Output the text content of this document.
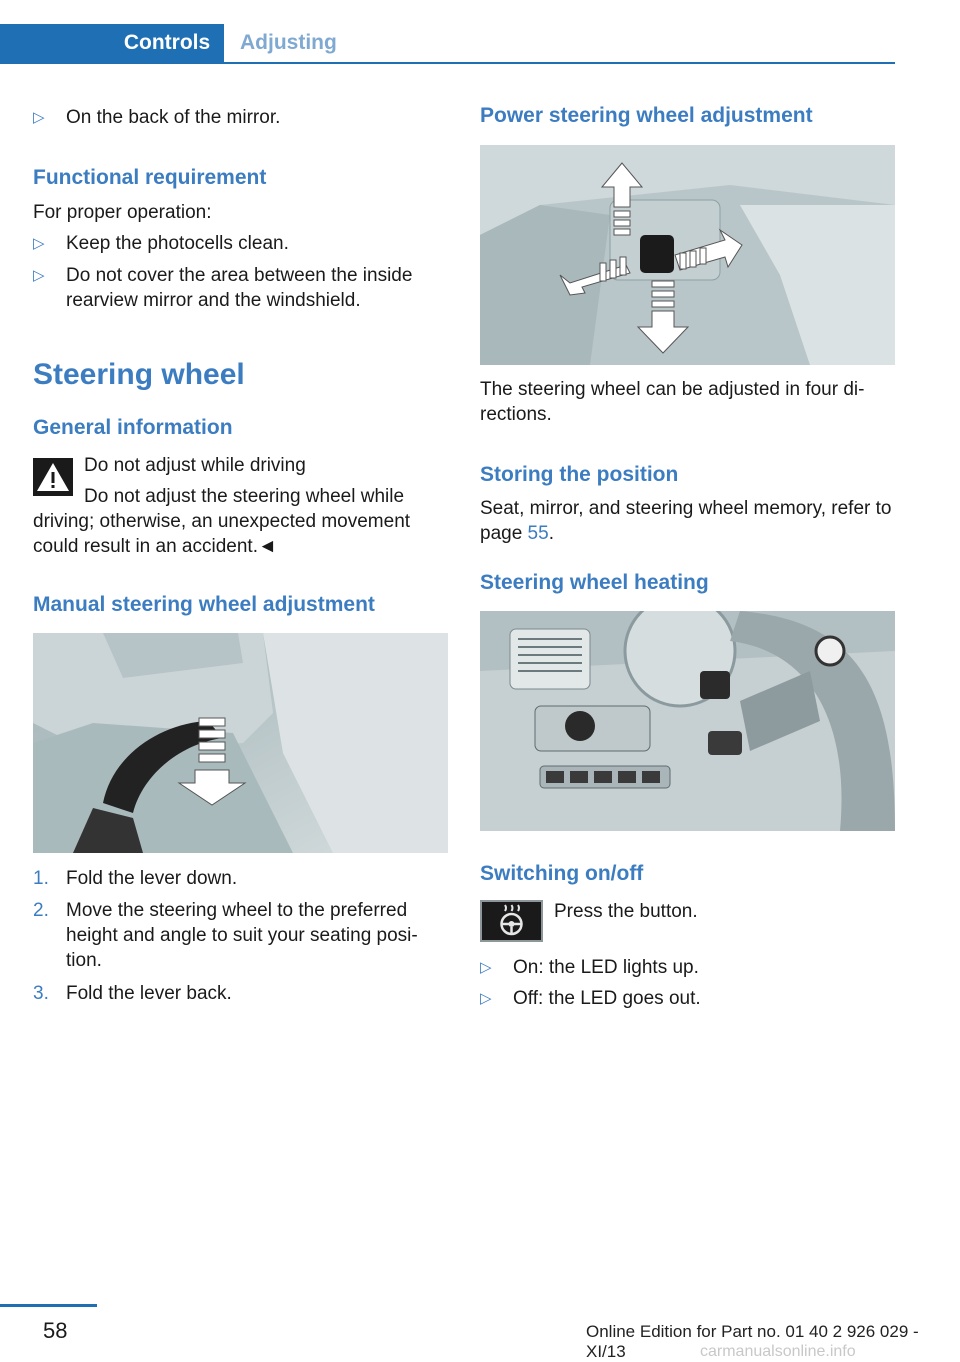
Controls	Adjusting
▷ On the back of the mirror.
Functional requirement
For proper operation:
▷ Keep the photocells clean.
▷ Do not cover the area between the inside rearview mirror and the windshield.
Steering wheel
General information
Do not adjust while driving
Do not adjust the steering wheel while driving; otherwise, an unexpected movement could result in an accident.◄
Manual steering wheel adjustment
1. Fold the lever down.
2. Move the steering wheel to the preferred height and angle to suit your seating posi-tion.
3. Fold the lever back.
Power steering wheel adjustment
The steering wheel can be adjusted in four di-rections.
Storing the position
Seat, mirror, and steering wheel memory, refer to page 55.
Steering wheel heating
Switching on/off
Press the button.
▷ On: the LED lights up.
▷ Off: the LED goes out.
58	Online Edition for Part no. 01 40 2 926 029 - XI/13	carmanualsonline.info
